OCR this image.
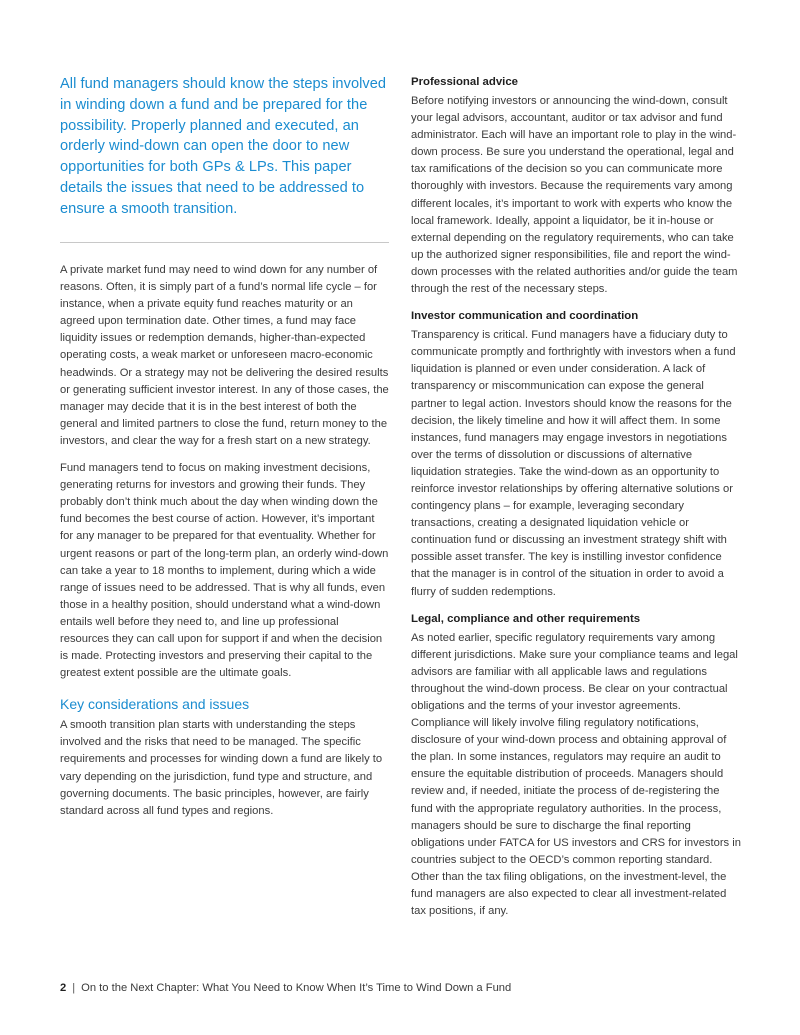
All fund managers should know the steps involved in winding down a fund and be prepared for the possibility. Properly planned and executed, an orderly wind-down can open the door to new opportunities for both GPs & LPs. This paper details the issues that need to be addressed to ensure a smooth transition.

A private market fund may need to wind down for any number of reasons. Often, it is simply part of a fund’s normal life cycle – for instance, when a private equity fund reaches maturity or an agreed upon termination date. Other times, a fund may face liquidity issues or redemption demands, higher-than-expected operating costs, a weak market or unforeseen macro-economic headwinds. Or a strategy may not be delivering the desired results or generating sufficient investor interest. In any of those cases, the manager may decide that it is in the best interest of both the general and limited partners to close the fund, return money to the investors, and clear the way for a fresh start on a new strategy.

Fund managers tend to focus on making investment decisions, generating returns for investors and growing their funds. They probably don’t think much about the day when winding down the fund becomes the best course of action. However, it’s important for any manager to be prepared for that eventuality. Whether for urgent reasons or part of the long-term plan, an orderly wind-down can take a year to 18 months to implement, during which a wide range of issues need to be addressed. That is why all funds, even those in a healthy position, should understand what a wind-down entails well before they need to, and line up professional resources they can call upon for support if and when the decision is made. Protecting investors and preserving their capital to the greatest extent possible are the ultimate goals.

Key considerations and issues

A smooth transition plan starts with understanding the steps involved and the risks that need to be managed. The specific requirements and processes for winding down a fund are likely to vary depending on the jurisdiction, fund type and structure, and governing documents. The basic principles, however, are fairly standard across all fund types and regions.

Professional advice

Before notifying investors or announcing the wind-down, consult your legal advisors, accountant, auditor or tax advisor and fund administrator. Each will have an important role to play in the wind-down process. Be sure you understand the operational, legal and tax ramifications of the decision so you can communicate more thoroughly with investors. Because the requirements vary among different locales, it’s important to work with experts who know the local framework. Ideally, appoint a liquidator, be it in-house or external depending on the regulatory requirements, who can take up the authorized signer responsibilities, file and report the wind-down processes with the related authorities and/or guide the team through the rest of the necessary steps.

Investor communication and coordination

Transparency is critical. Fund managers have a fiduciary duty to communicate promptly and forthrightly with investors when a fund liquidation is planned or even under consideration. A lack of transparency or miscommunication can expose the general partner to legal action. Investors should know the reasons for the decision, the likely timeline and how it will affect them. In some instances, fund managers may engage investors in negotiations over the terms of dissolution or discussions of alternative liquidation strategies. Take the wind-down as an opportunity to reinforce investor relationships by offering alternative solutions or contingency plans – for example, leveraging secondary transactions, creating a designated liquidation vehicle or continuation fund or discussing an investment strategy shift with possible asset transfer. The key is instilling investor confidence that the manager is in control of the situation in order to avoid a flurry of sudden redemptions.

Legal, compliance and other requirements

As noted earlier, specific regulatory requirements vary among different jurisdictions. Make sure your compliance teams and legal advisors are familiar with all applicable laws and regulations throughout the wind-down process. Be clear on your contractual obligations and the terms of your investor agreements. Compliance will likely involve filing regulatory notifications, disclosure of your wind-down process and obtaining approval of the plan. In some instances, regulators may require an audit to ensure the equitable distribution of proceeds. Managers should review and, if needed, initiate the process of de-registering the fund with the appropriate regulatory authorities. In the process, managers should be sure to discharge the final reporting obligations under FATCA for US investors and CRS for investors in countries subject to the OECD’s common reporting standard. Other than the tax filing obligations, on the investment-level, the fund managers are also expected to clear all investment-related tax positions, if any.

2 | On to the Next Chapter: What You Need to Know When It’s Time to Wind Down a Fund
